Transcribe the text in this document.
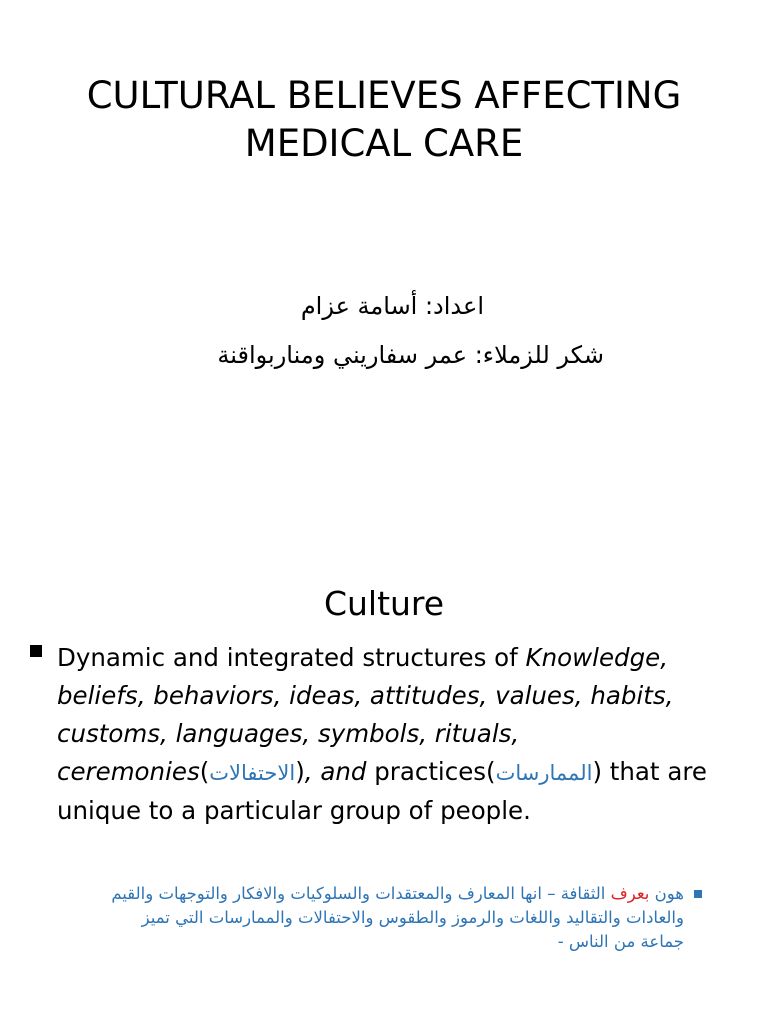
CULTURAL BELIEVES AFFECTING
MEDICAL CARE
اعداد: أسامة عزام
شكر للزملاء: عمر سفاريني ومناربواقنة
Culture

Dynamic and integrated structures of Knowledge, beliefs, behaviors, ideas, attitudes, values, habits, customs, languages, symbols, rituals, ceremonies(الاحتفالات), and practices(الممارسات) that are unique to a particular group of people.

هون بعرف الثقافة – انها المعارف والمعتقدات والسلوكيات والافكار والتوجهات والقيم والعادات والتقاليد واللغات والرموز والطقوس والاحتفالات والممارسات التي تميز جماعة من الناس -
